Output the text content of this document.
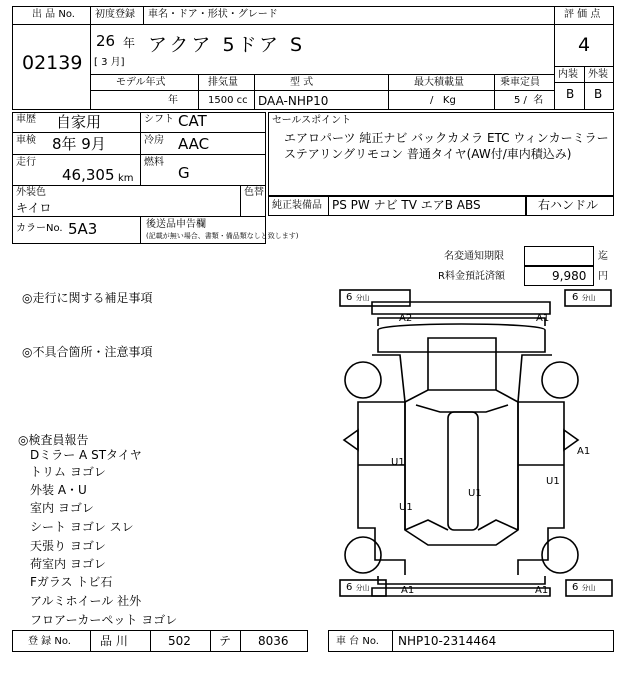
出 品 No.
02139
初度登録 車名・ドア・形状・グレード
26 年
[ 3 月]
アクア 5ドア S
評 価 点
4
内装 外装
B B
モデル年式	排気量	型 式	最大積載量	乗車定員
年	1500 cc DAA-NHP10	/   Kg	5 /  名
車歴 自家用
車検 8年 9月
走行
46,305 km
シフト CAT
冷房 AAC
燃料
G
外装色
キイロ
色替
カラーNo. 5A3	後送品申告欄
(記載が無い場合、書類・備品類なしと致します)
セールスポイント
エアロパーツ 純正ナビ バックカメラ ETC ウィンカーミラー
ステアリングリモコン 普通タイヤ(AW付/車内積込み)
純正装備品 PS PW ナビ TV エアB ABS	右ハンドル
名変通知期限	迄
R料金預託済額	9,980 円
◎走行に関する補足事項
◎不具合箇所・注意事項
◎検査員報告
Dミラー A STタイヤ
トリム ヨゴレ
外装 A・U
室内 ヨゴレ
シート ヨゴレ スレ
天張り ヨゴレ
荷室内 ヨゴレ
Fガラス トビ石
アルミホイール 社外
フロアーカーペット ヨゴレ
6 分山	6 分山
6 分山	6 分山
A2	A1
U1
U1
A1
U1
U1
A1	A1
登 録 No. 品 川	502 テ 8036	車 台 No. NHP10-2314464
